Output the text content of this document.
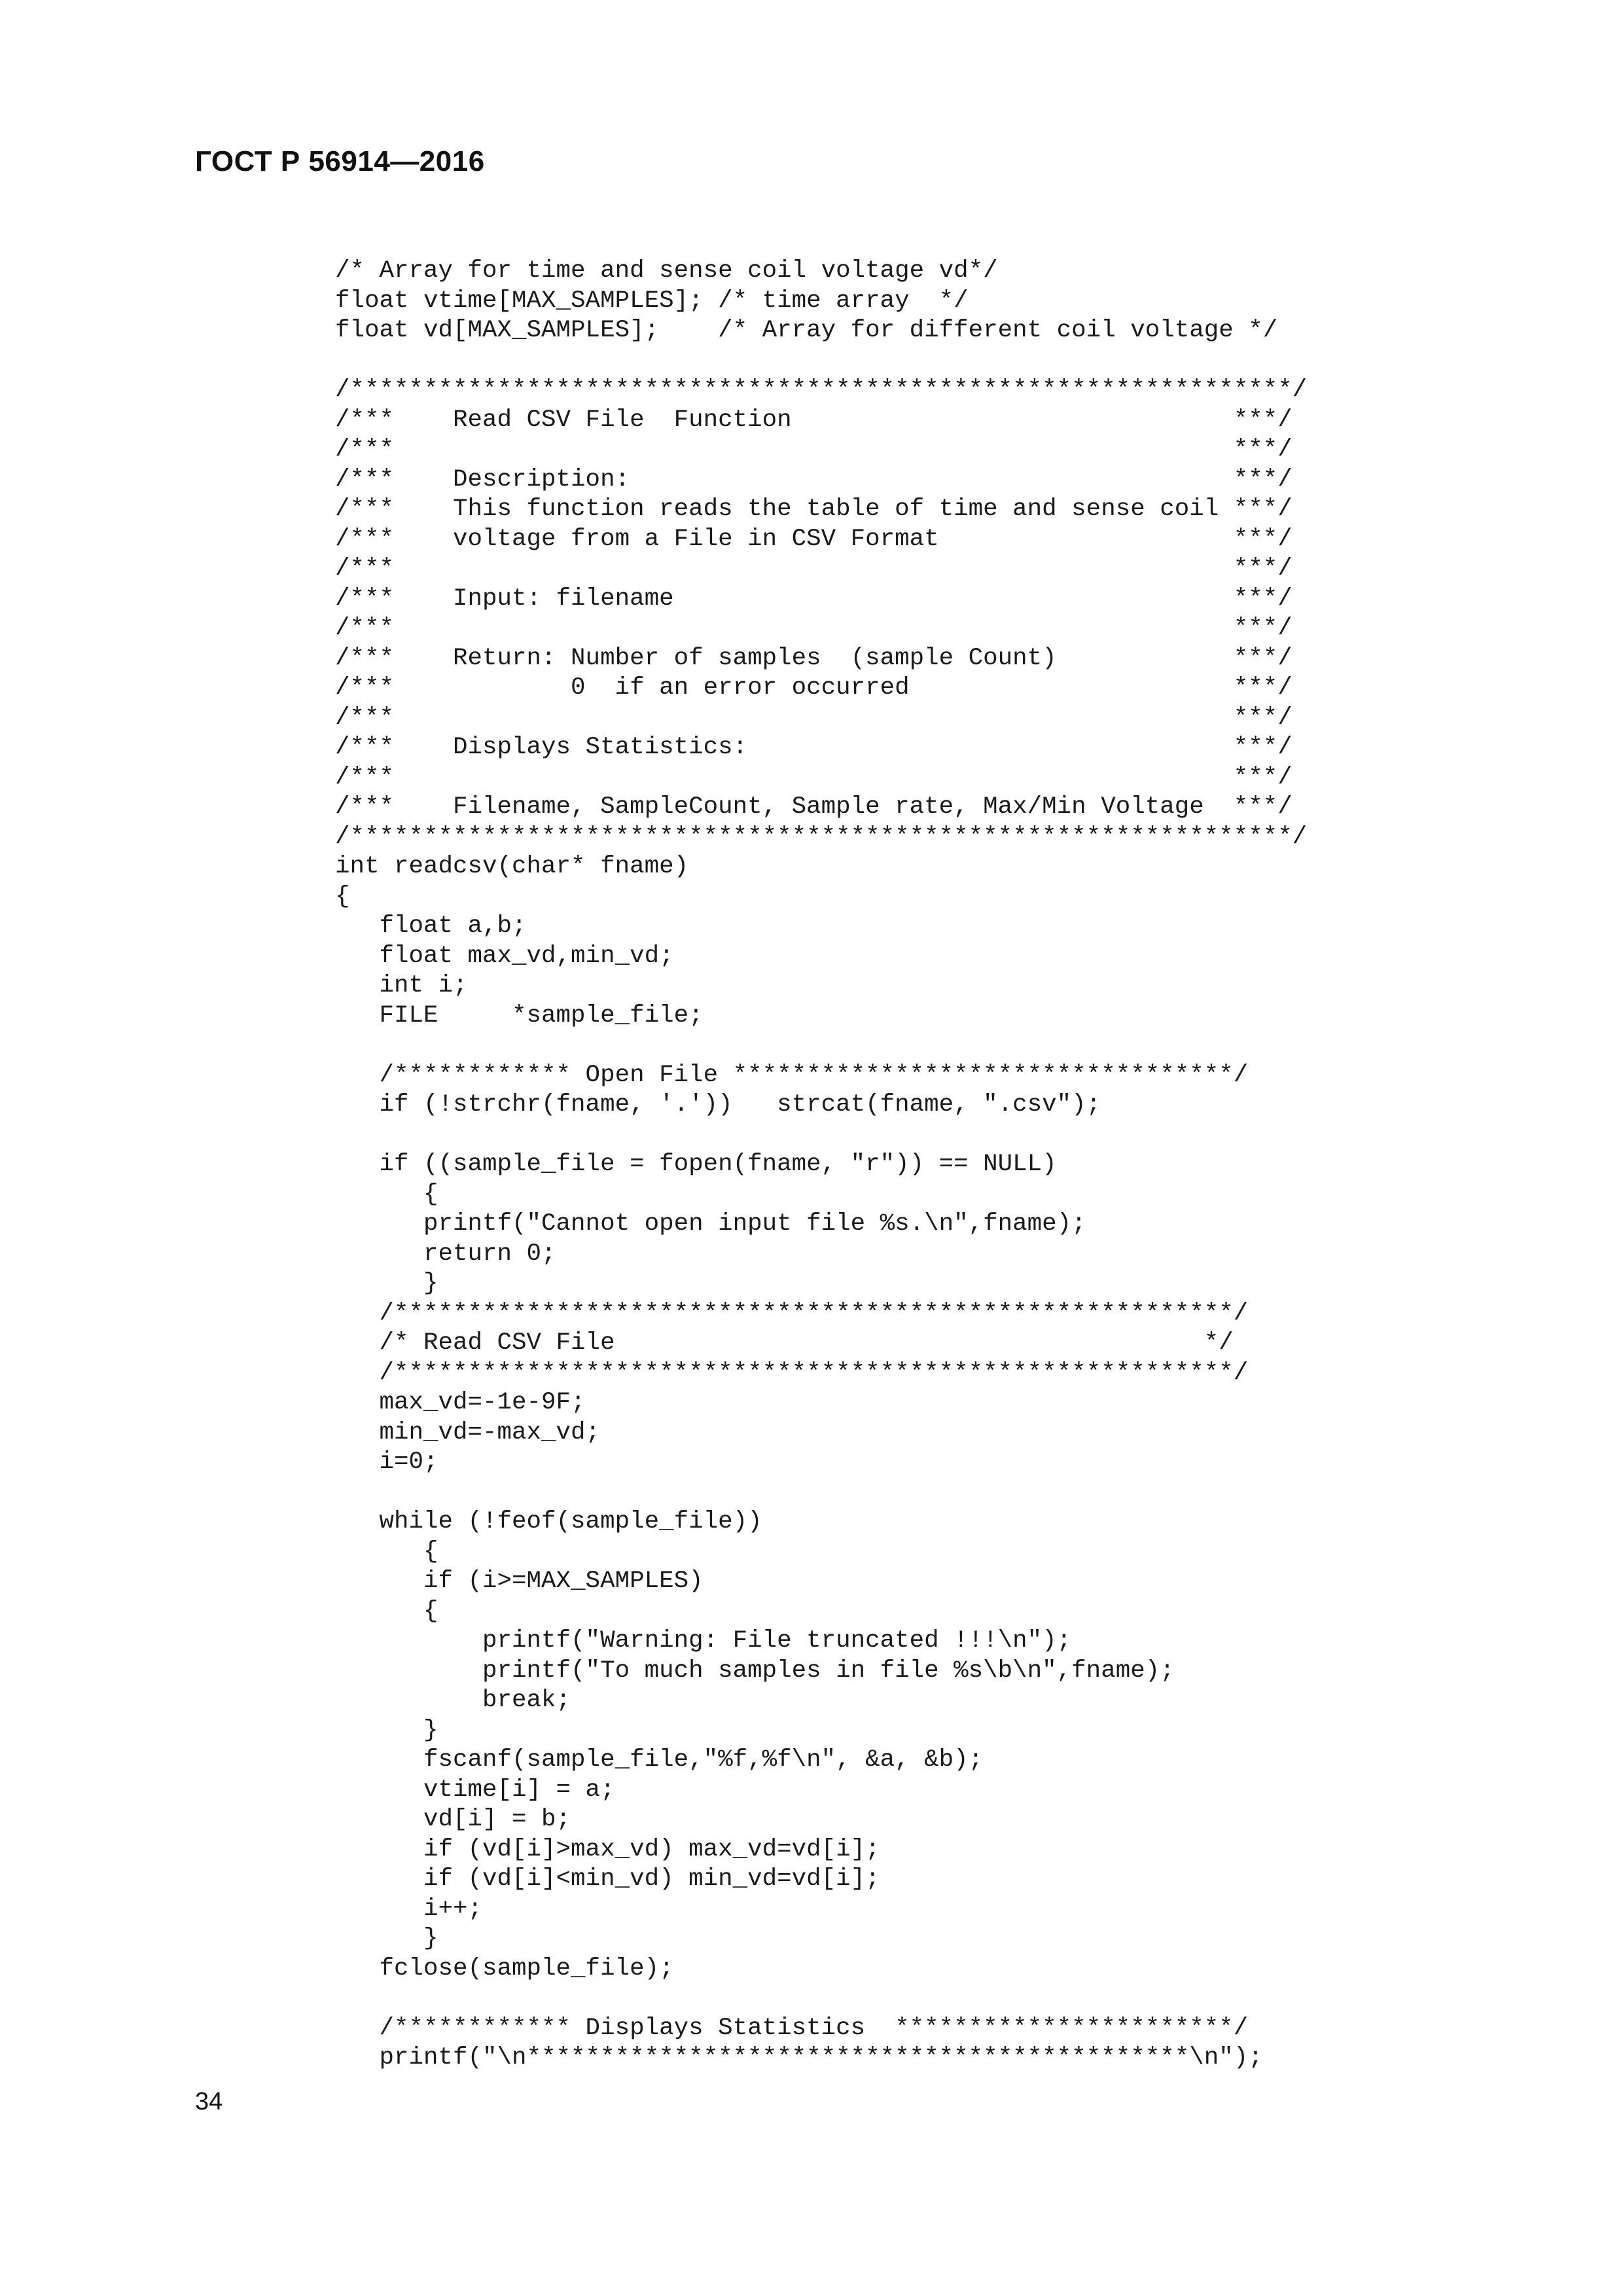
ГОСТ Р 56914—2016
/* Array for time and sense coil voltage vd*/
float vtime[MAX_SAMPLES]; /* time array  */
float vd[MAX_SAMPLES];    /* Array for different coil voltage */

/****************************************************************/
/***    Read CSV File  Function                              ***/
/***                                                         ***/
/***    Description:                                         ***/
/***    This function reads the table of time and sense coil ***/
/***    voltage from a File in CSV Format                    ***/
/***                                                         ***/
/***    Input: filename                                      ***/
/***                                                         ***/
/***    Return: Number of samples  (sample Count)            ***/
/***            0  if an error occurred                      ***/
/***                                                         ***/
/***    Displays Statistics:                                 ***/
/***                                                         ***/
/***    Filename, SampleCount, Sample rate, Max/Min Voltage  ***/
/****************************************************************/
int readcsv(char* fname)
{
float a,b;
float max_vd,min_vd;
int i;
FILE     *sample_file;

/************ Open File **********************************/
if (!strchr(fname, '.'))   strcat(fname, ".csv");

if ((sample_file = fopen(fname, "r")) == NULL)
{
printf("Cannot open input file %s.\n",fname);
return 0;
}
/*********************************************************/
/* Read CSV File                                        */
/*********************************************************/
max_vd=-1e-9F;
min_vd=-max_vd;
i=0;

while (!feof(sample_file))
{
if (i>=MAX_SAMPLES)
{
printf("Warning: File truncated !!!\n");
printf("To much samples in file %s\b\n",fname);
break;
}
fscanf(sample_file,"%f,%f\n", &a, &b);
vtime[i] = a;
vd[i] = b;
if (vd[i]>max_vd) max_vd=vd[i];
if (vd[i]<min_vd) min_vd=vd[i];
i++;
}
fclose(sample_file);

/************ Displays Statistics  ***********************/
printf("\n*********************************************\n");

34
